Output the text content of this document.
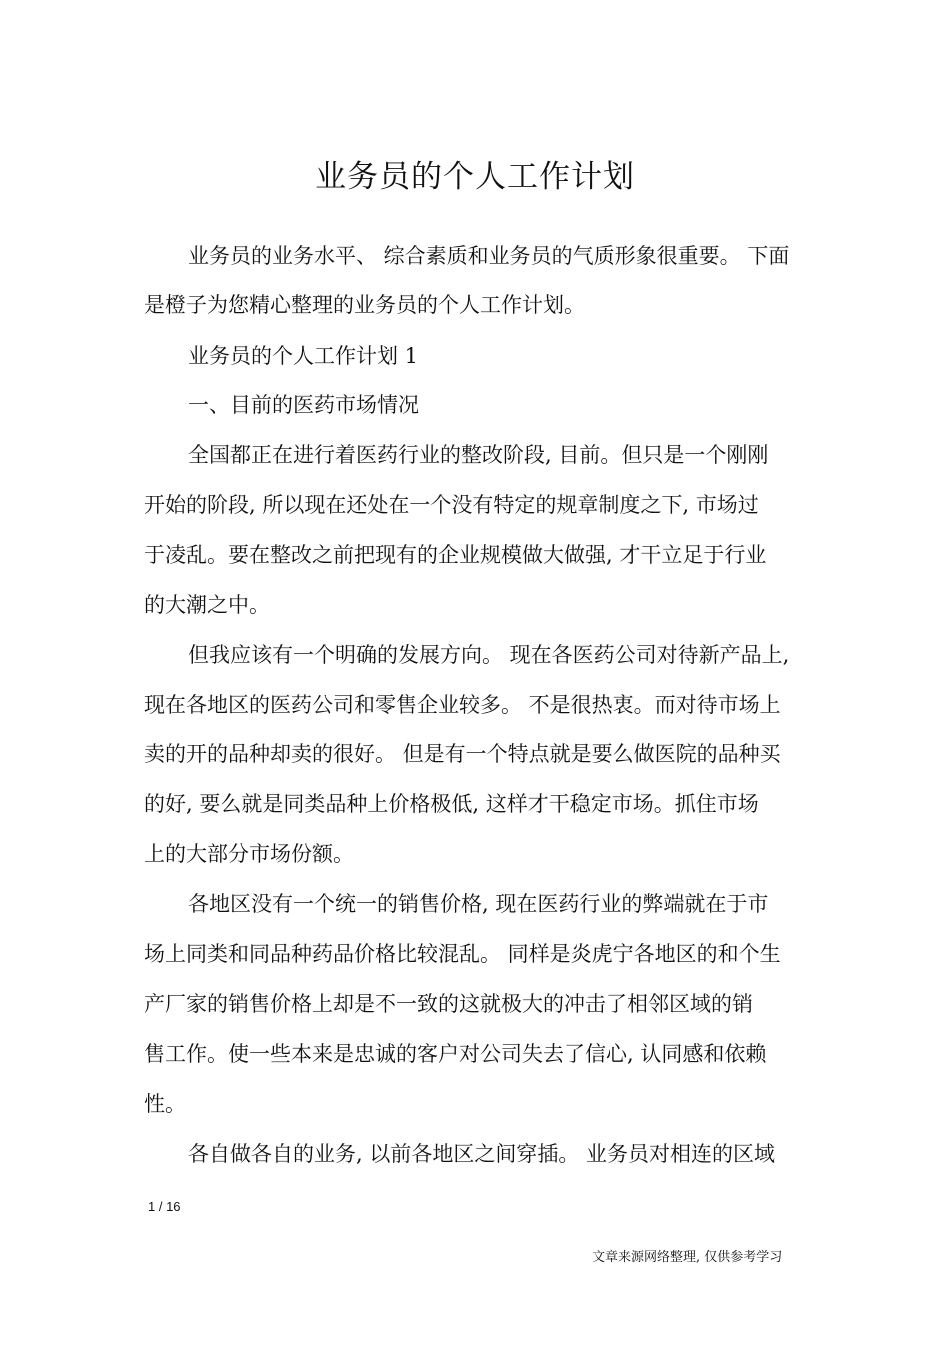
业务员的个人工作计划
业务员的业务水平、 综合素质和业务员的气质形象很重要。 下面
是橙子为您精心整理的业务员的个人工作计划。
业务员的个人工作计划 1
一、目前的医药市场情况
全国都正在进行着医药行业的整改阶段, 目前。但只是一个刚刚
开始的阶段, 所以现在还处在一个没有特定的规章制度之下, 市场过
于凌乱。要在整改之前把现有的企业规模做大做强, 才干立足于行业
的大潮之中。
但我应该有一个明确的发展方向。 现在各医药公司对待新产品上,
现在各地区的医药公司和零售企业较多。 不是很热衷。而对待市场上
卖的开的品种却卖的很好。 但是有一个特点就是要么做医院的品种买
的好, 要么就是同类品种上价格极低, 这样才干稳定市场。抓住市场
上的大部分市场份额。
各地区没有一个统一的销售价格, 现在医药行业的弊端就在于市
场上同类和同品种药品价格比较混乱。 同样是炎虎宁各地区的和个生
产厂家的销售价格上却是不一致的这就极大的冲击了相邻区域的销
售工作。使一些本来是忠诚的客户对公司失去了信心, 认同感和依赖
性。
各自做各自的业务, 以前各地区之间穿插。 业务员对相连的区域
1 / 16
文章来源网络整理, 仅供参考学习
